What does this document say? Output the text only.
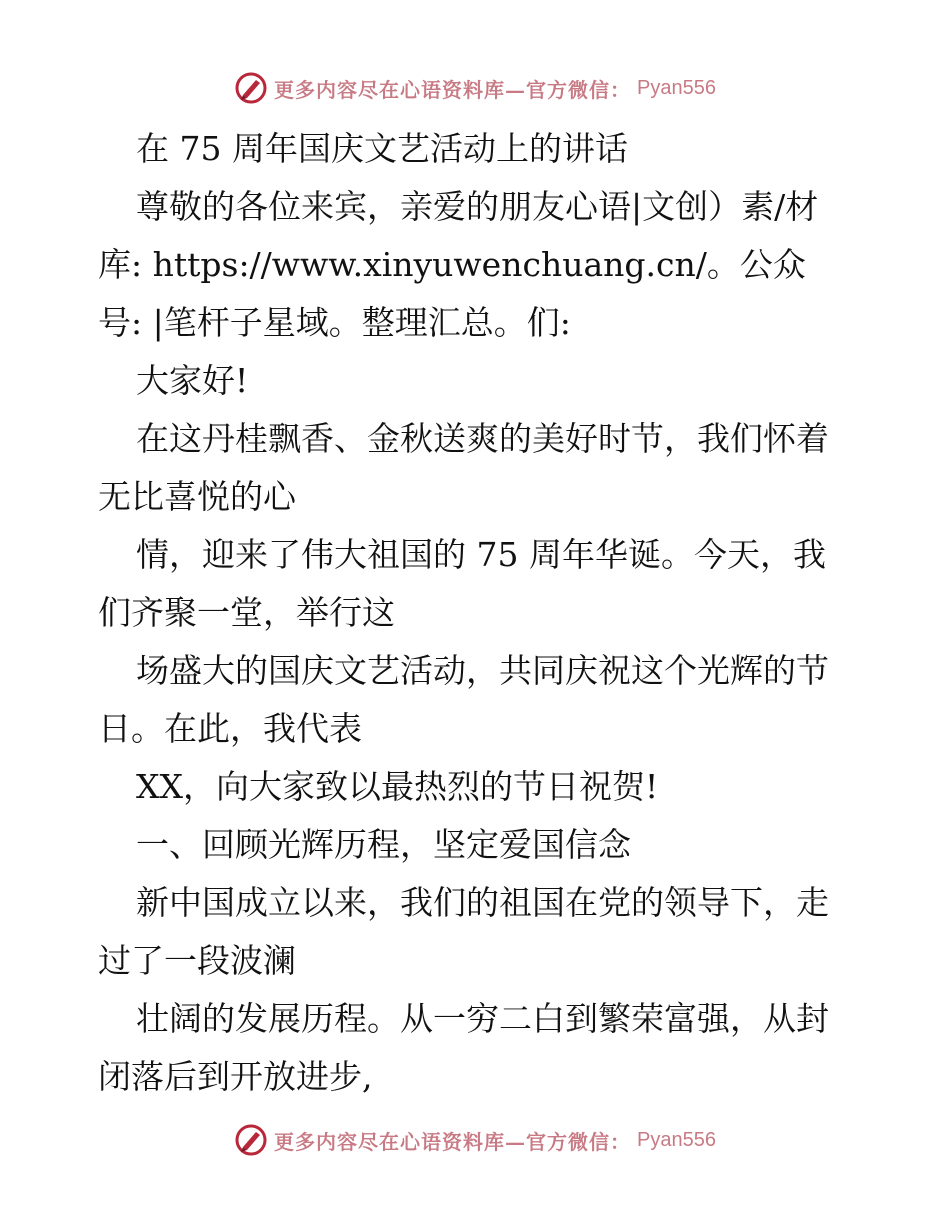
更多内容尽在心语资料库—官方微信： Pyan556
在 75 周年国庆文艺活动上的讲话
尊敬的各位来宾，亲爱的朋友心语|文创）素/材
库: https://www.xinyuwenchuang.cn/。公众
号: |笔杆子星域。整理汇总。们:
大家好!
在这丹桂飘香、金秋送爽的美好时节，我们怀着
无比喜悦的心
情，迎来了伟大祖国的 75 周年华诞。今天，我
们齐聚一堂，举行这
场盛大的国庆文艺活动，共同庆祝这个光辉的节
日。在此，我代表
XX，向大家致以最热烈的节日祝贺!
一、回顾光辉历程，坚定爱国信念
新中国成立以来，我们的祖国在党的领导下，走
过了一段波澜
壮阔的发展历程。从一穷二白到繁荣富强，从封
闭落后到开放进步,
更多内容尽在心语资料库—官方微信： Pyan556
